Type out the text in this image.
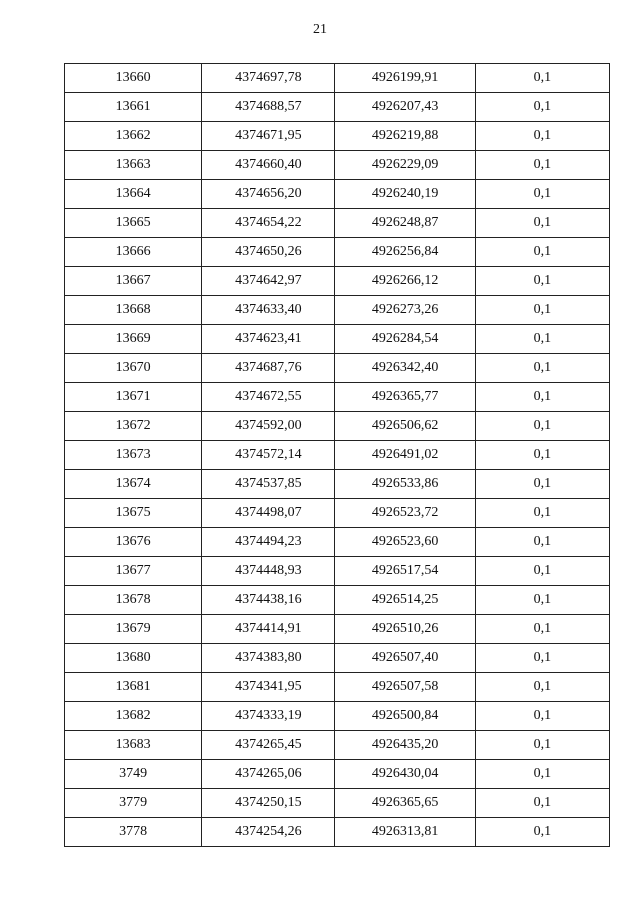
21
13660	4374697,78	4926199,91	0,1
13661	4374688,57	4926207,43	0,1
13662	4374671,95	4926219,88	0,1
13663	4374660,40	4926229,09	0,1
13664	4374656,20	4926240,19	0,1
13665	4374654,22	4926248,87	0,1
13666	4374650,26	4926256,84	0,1
13667	4374642,97	4926266,12	0,1
13668	4374633,40	4926273,26	0,1
13669	4374623,41	4926284,54	0,1
13670	4374687,76	4926342,40	0,1
13671	4374672,55	4926365,77	0,1
13672	4374592,00	4926506,62	0,1
13673	4374572,14	4926491,02	0,1
13674	4374537,85	4926533,86	0,1
13675	4374498,07	4926523,72	0,1
13676	4374494,23	4926523,60	0,1
13677	4374448,93	4926517,54	0,1
13678	4374438,16	4926514,25	0,1
13679	4374414,91	4926510,26	0,1
13680	4374383,80	4926507,40	0,1
13681	4374341,95	4926507,58	0,1
13682	4374333,19	4926500,84	0,1
13683	4374265,45	4926435,20	0,1
3749	4374265,06	4926430,04	0,1
3779	4374250,15	4926365,65	0,1
3778	4374254,26	4926313,81	0,1
